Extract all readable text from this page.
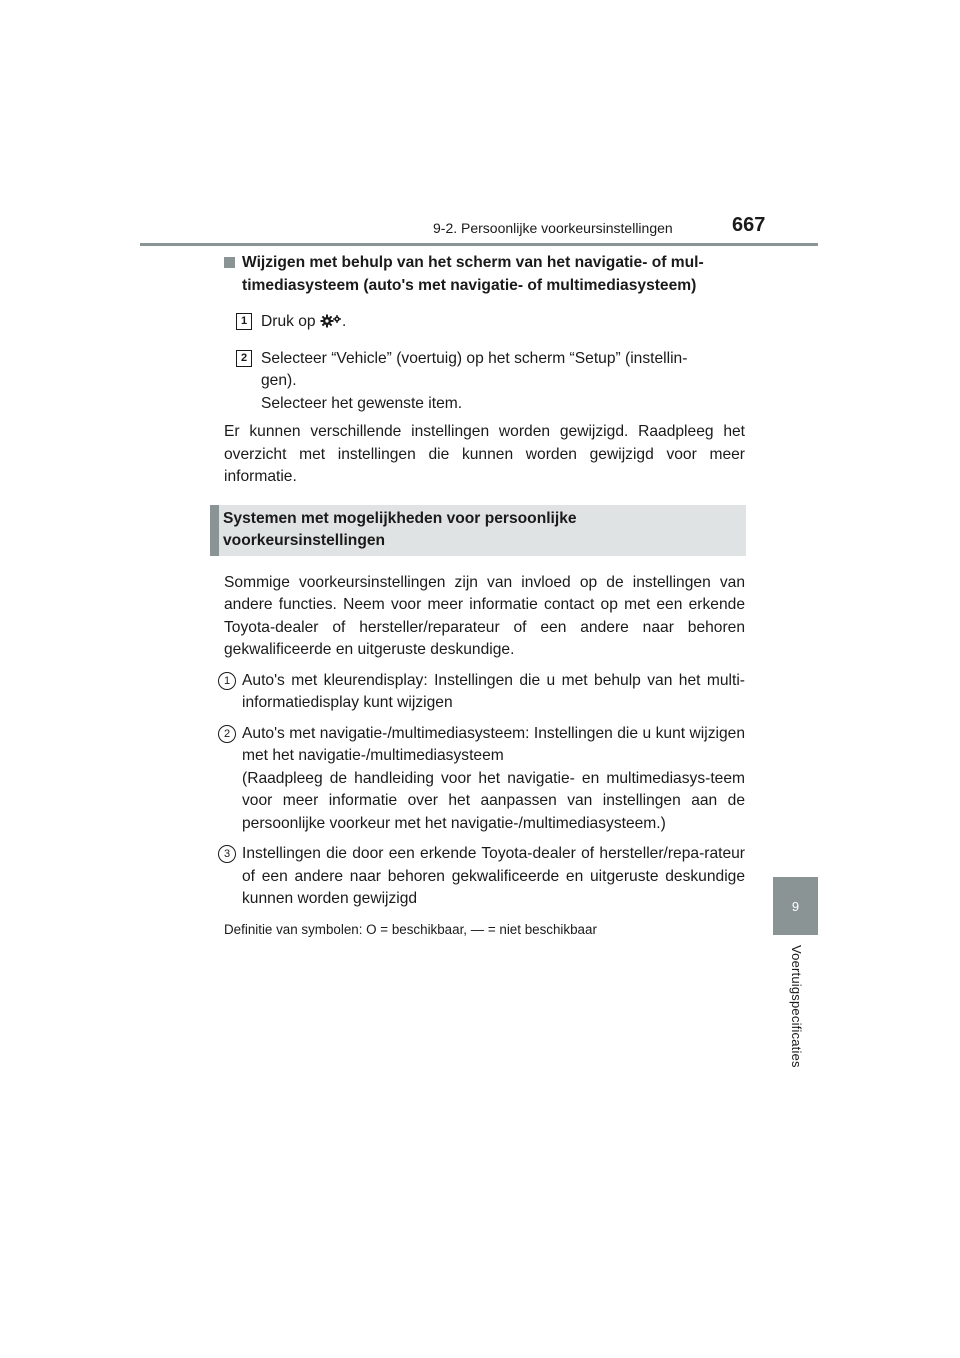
9-2. Persoonlijke voorkeursinstellingen	667
9
Voertuigspecificaties
Wijzigen met behulp van het scherm van het navigatie- of mul-
timediasysteem (auto's met navigatie- of multimediasysteem)
1 Druk op .
2 Selecteer “Vehicle” (voertuig) op het scherm “Setup” (instellin-
gen).
Selecteer het gewenste item.
Er kunnen verschillende instellingen worden gewijzigd. Raadpleeg het overzicht met instellingen die kunnen worden gewijzigd voor meer informatie.
Systemen met mogelijkheden voor persoonlijke
voorkeursinstellingen
Sommige voorkeursinstellingen zijn van invloed op de instellingen van andere functies. Neem voor meer informatie contact op met een erkende Toyota-dealer of hersteller/reparateur of een andere naar behoren gekwalificeerde en uitgeruste deskundige.
1 Auto's met kleurendisplay: Instellingen die u met behulp van het multi-informatiedisplay kunt wijzigen
2 Auto's met navigatie-/multimediasysteem: Instellingen die u kunt wijzigen met het navigatie-/multimediasysteem
(Raadpleeg de handleiding voor het navigatie- en multimediasys-teem voor meer informatie over het aanpassen van instellingen aan de persoonlijke voorkeur met het navigatie-/multimediasysteem.)
3 Instellingen die door een erkende Toyota-dealer of hersteller/repa-rateur of een andere naar behoren gekwalificeerde en uitgeruste deskundige kunnen worden gewijzigd
Definitie van symbolen: O = beschikbaar, — = niet beschikbaar
